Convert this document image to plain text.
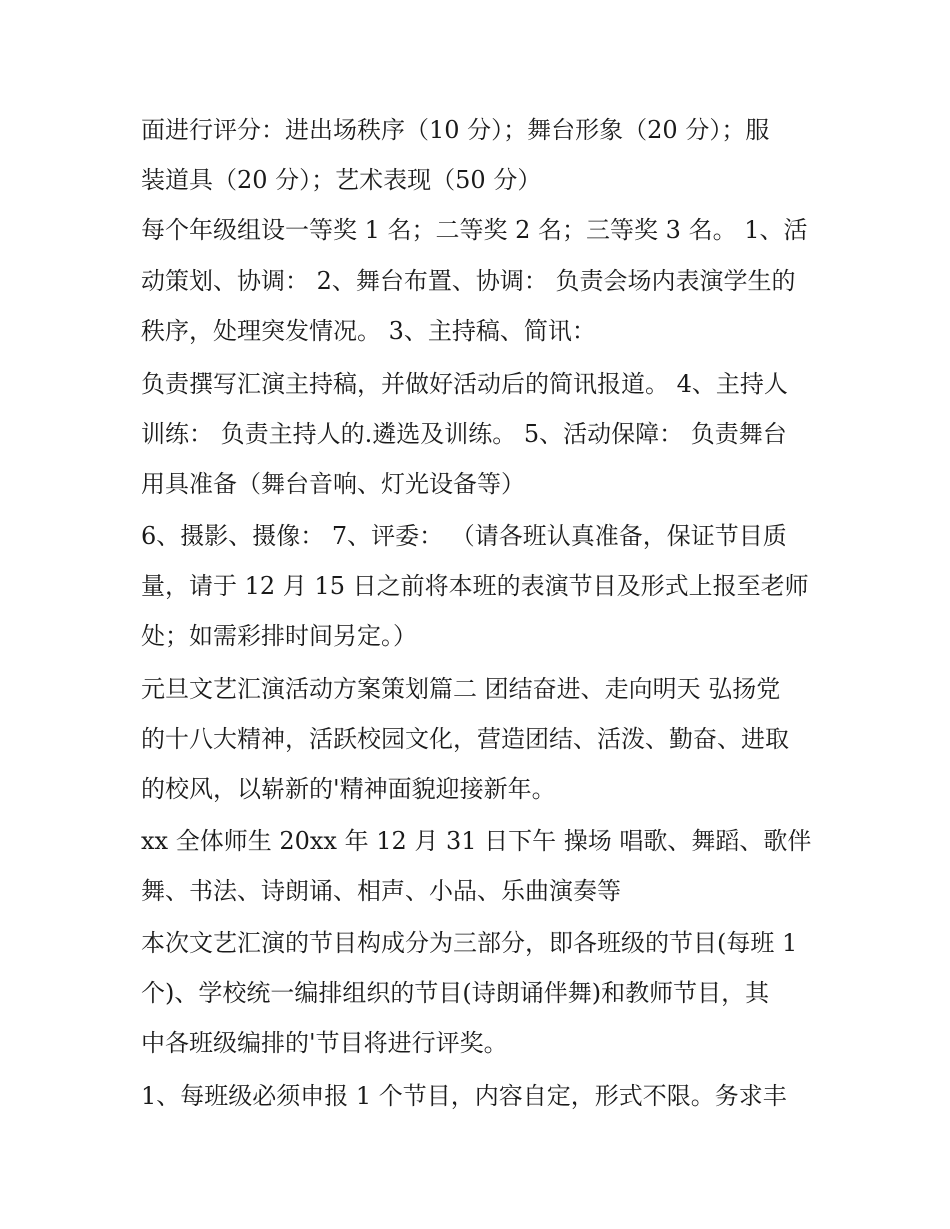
面进行评分：进出场秩序（10 分）；舞台形象（20 分）；服
装道具（20 分）；艺术表现（50 分）
每个年级组设一等奖 1 名；二等奖 2 名；三等奖 3 名。 1、活
动策划、协调： 2、舞台布置、协调： 负责会场内表演学生的
秩序，处理突发情况。 3、主持稿、简讯：
负责撰写汇演主持稿，并做好活动后的简讯报道。 4、主持人
训练： 负责主持人的.遴选及训练。 5、活动保障： 负责舞台
用具准备（舞台音响、灯光设备等）
6、摄影、摄像： 7、评委： （请各班认真准备，保证节目质
量，请于 12 月 15 日之前将本班的表演节目及形式上报至老师
处；如需彩排时间另定。）
元旦文艺汇演活动方案策划篇二 团结奋进、走向明天 弘扬党
的十八大精神，活跃校园文化，营造团结、活泼、勤奋、进取
的校风，以崭新的'精神面貌迎接新年。
xx 全体师生 20xx 年 12 月 31 日下午 操场 唱歌、舞蹈、歌伴
舞、书法、诗朗诵、相声、小品、乐曲演奏等
本次文艺汇演的节目构成分为三部分，即各班级的节目(每班 1
个)、学校统一编排组织的节目(诗朗诵伴舞)和教师节目，其
中各班级编排的'节目将进行评奖。
1、每班级必须申报 1 个节目，内容自定，形式不限。务求丰
